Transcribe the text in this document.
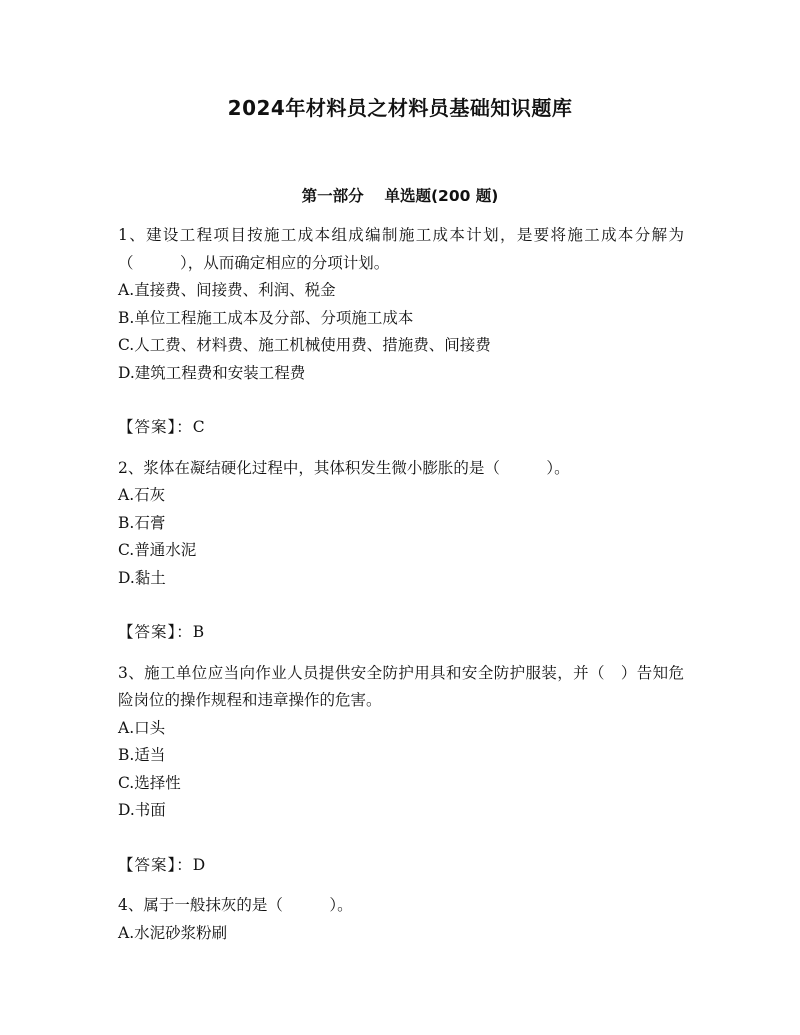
2024年材料员之材料员基础知识题库
第一部分　 单选题(200 题)

1、建设工程项目按施工成本组成编制施工成本计划，是要将施工成本分解为（　　　），从而确定相应的分项计划。

A.直接费、间接费、利润、税金

B.单位工程施工成本及分部、分项施工成本

C.人工费、材料费、施工机械使用费、措施费、间接费

D.建筑工程费和安装工程费

【答案】：C

2、浆体在凝结硬化过程中，其体积发生微小膨胀的是（　　　）。

A.石灰

B.石膏

C.普通水泥

D.黏土

【答案】：B

3、施工单位应当向作业人员提供安全防护用具和安全防护服装，并（　）告知危险岗位的操作规程和违章操作的危害。

A.口头

B.适当

C.选择性

D.书面

【答案】：D

4、属于一般抹灰的是（　　　）。

A.水泥砂浆粉刷
